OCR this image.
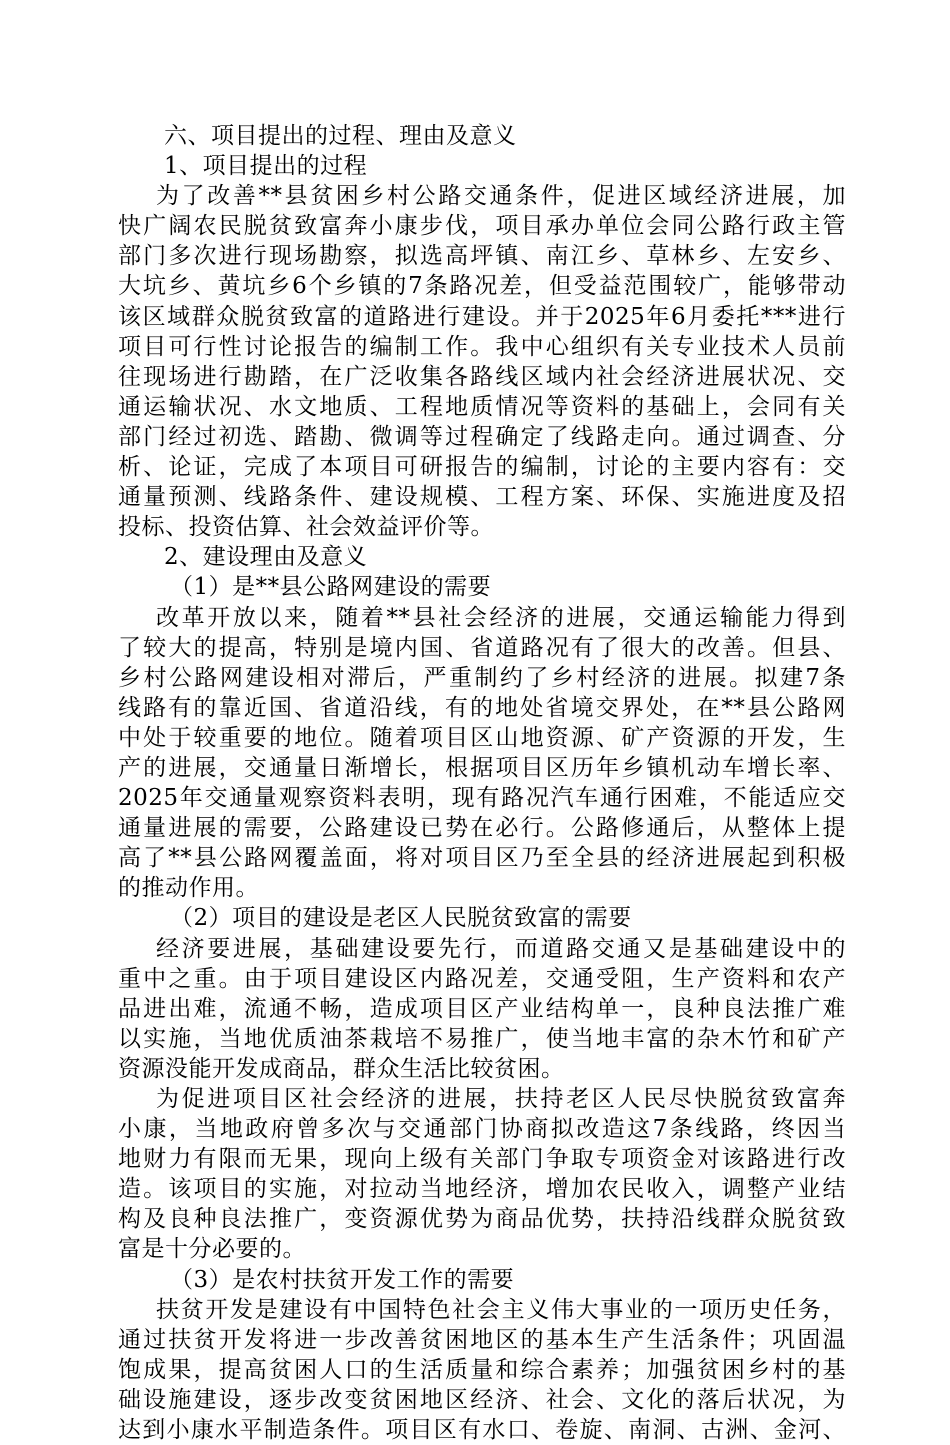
六、项目提出的过程、理由及意义
1、项目提出的过程
为了改善**县贫困乡村公路交通条件，促进区域经济进展，加
快广阔农民脱贫致富奔小康步伐，项目承办单位会同公路行政主管
部门多次进行现场勘察，拟选高坪镇、南江乡、草林乡、左安乡、
大坑乡、黄坑乡6个乡镇的7条路况差，但受益范围较广，能够带动
该区域群众脱贫致富的道路进行建设。并于2025年6月委托***进行
项目可行性讨论报告的编制工作。我中心组织有关专业技术人员前
往现场进行勘踏，在广泛收集各路线区域内社会经济进展状况、交
通运输状况、水文地质、工程地质情况等资料的基础上，会同有关
部门经过初选、踏勘、微调等过程确定了线路走向。通过调查、分
析、论证，完成了本项目可研报告的编制，讨论的主要内容有：交
通量预测、线路条件、建设规模、工程方案、环保、实施进度及招
投标、投资估算、社会效益评价等。
2、建设理由及意义
（1）是**县公路网建设的需要
改革开放以来，随着**县社会经济的进展，交通运输能力得到
了较大的提高，特别是境内国、省道路况有了很大的改善。但县、
乡村公路网建设相对滞后，严重制约了乡村经济的进展。拟建7条
线路有的靠近国、省道沿线，有的地处省境交界处，在**县公路网
中处于较重要的地位。随着项目区山地资源、矿产资源的开发，生
产的进展，交通量日渐增长，根据项目区历年乡镇机动车增长率、
2025年交通量观察资料表明，现有路况汽车通行困难，不能适应交
通量进展的需要，公路建设已势在必行。公路修通后，从整体上提
高了**县公路网覆盖面，将对项目区乃至全县的经济进展起到积极
的推动作用。
（2）项目的建设是老区人民脱贫致富的需要
经济要进展，基础建设要先行，而道路交通又是基础建设中的
重中之重。由于项目建设区内路况差，交通受阻，生产资料和农产
品进出难，流通不畅，造成项目区产业结构单一，良种良法推广难
以实施，当地优质油茶栽培不易推广，使当地丰富的杂木竹和矿产
资源没能开发成商品，群众生活比较贫困。
为促进项目区社会经济的进展，扶持老区人民尽快脱贫致富奔
小康，当地政府曾多次与交通部门协商拟改造这7条线路，终因当
地财力有限而无果，现向上级有关部门争取专项资金对该路进行改
造。该项目的实施，对拉动当地经济，增加农民收入，调整产业结
构及良种良法推广，变资源优势为商品优势，扶持沿线群众脱贫致
富是十分必要的。
（3）是农村扶贫开发工作的需要
扶贫开发是建设有中国特色社会主义伟大事业的一项历史任务，
通过扶贫开发将进一步改善贫困地区的基本生产生活条件；巩固温
饱成果，提高贫困人口的生活质量和综合素养；加强贫困乡村的基
础设施建设，逐步改变贫困地区经济、社会、文化的落后状况，为
达到小康水平制造条件。项目区有水口、卷旋、南洞、古洲、金河、
